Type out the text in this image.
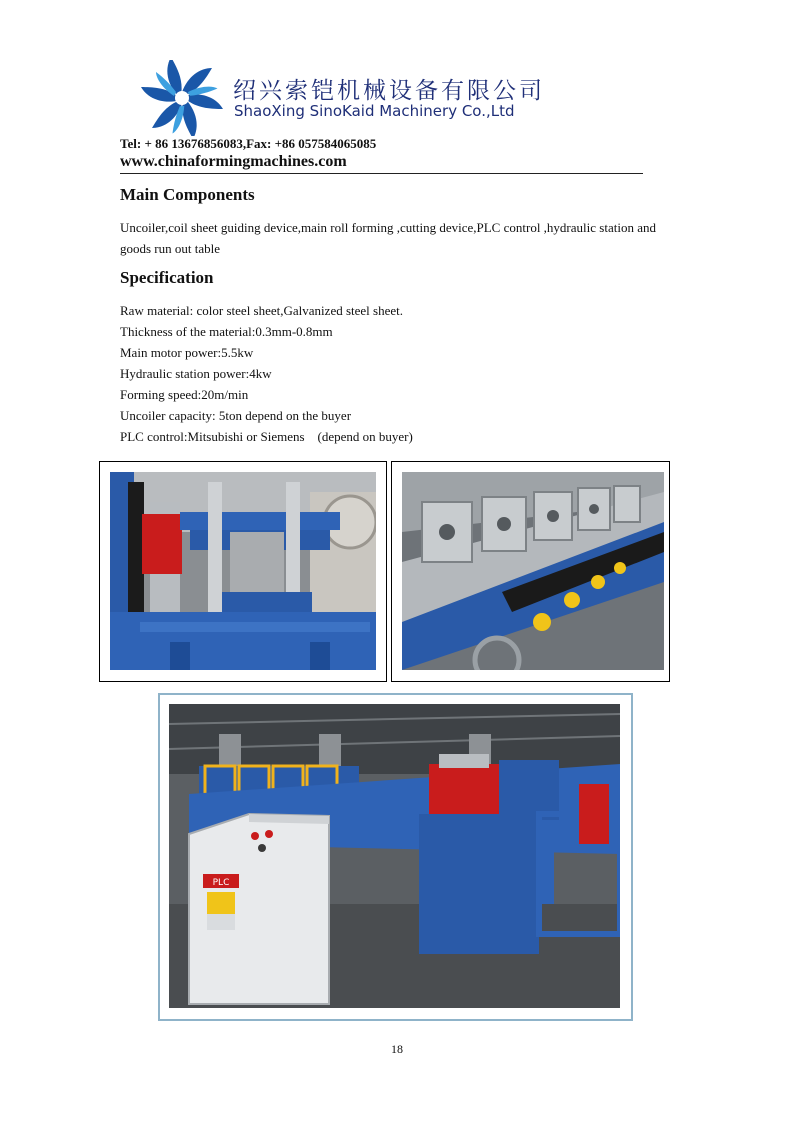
绍兴索铠机械设备有限公司
ShaoXing SinoKaid Machinery Co.,Ltd
Tel: + 86 13676856083,Fax: +86 057584065085
www.chinaformingmachines.com
Main Components
Uncoiler,coil sheet guiding device,main roll forming ,cutting device,PLC control ,hydraulic station and goods run out table
Specification
Raw material: color steel sheet,Galvanized steel sheet.
Thickness of the material:0.3mm-0.8mm
Main motor power:5.5kw
Hydraulic station power:4kw
Forming speed:20m/min
Uncoiler capacity: 5ton depend on the buyer
PLC control:Mitsubishi or Siemens    (depend on buyer)
PLC
18
